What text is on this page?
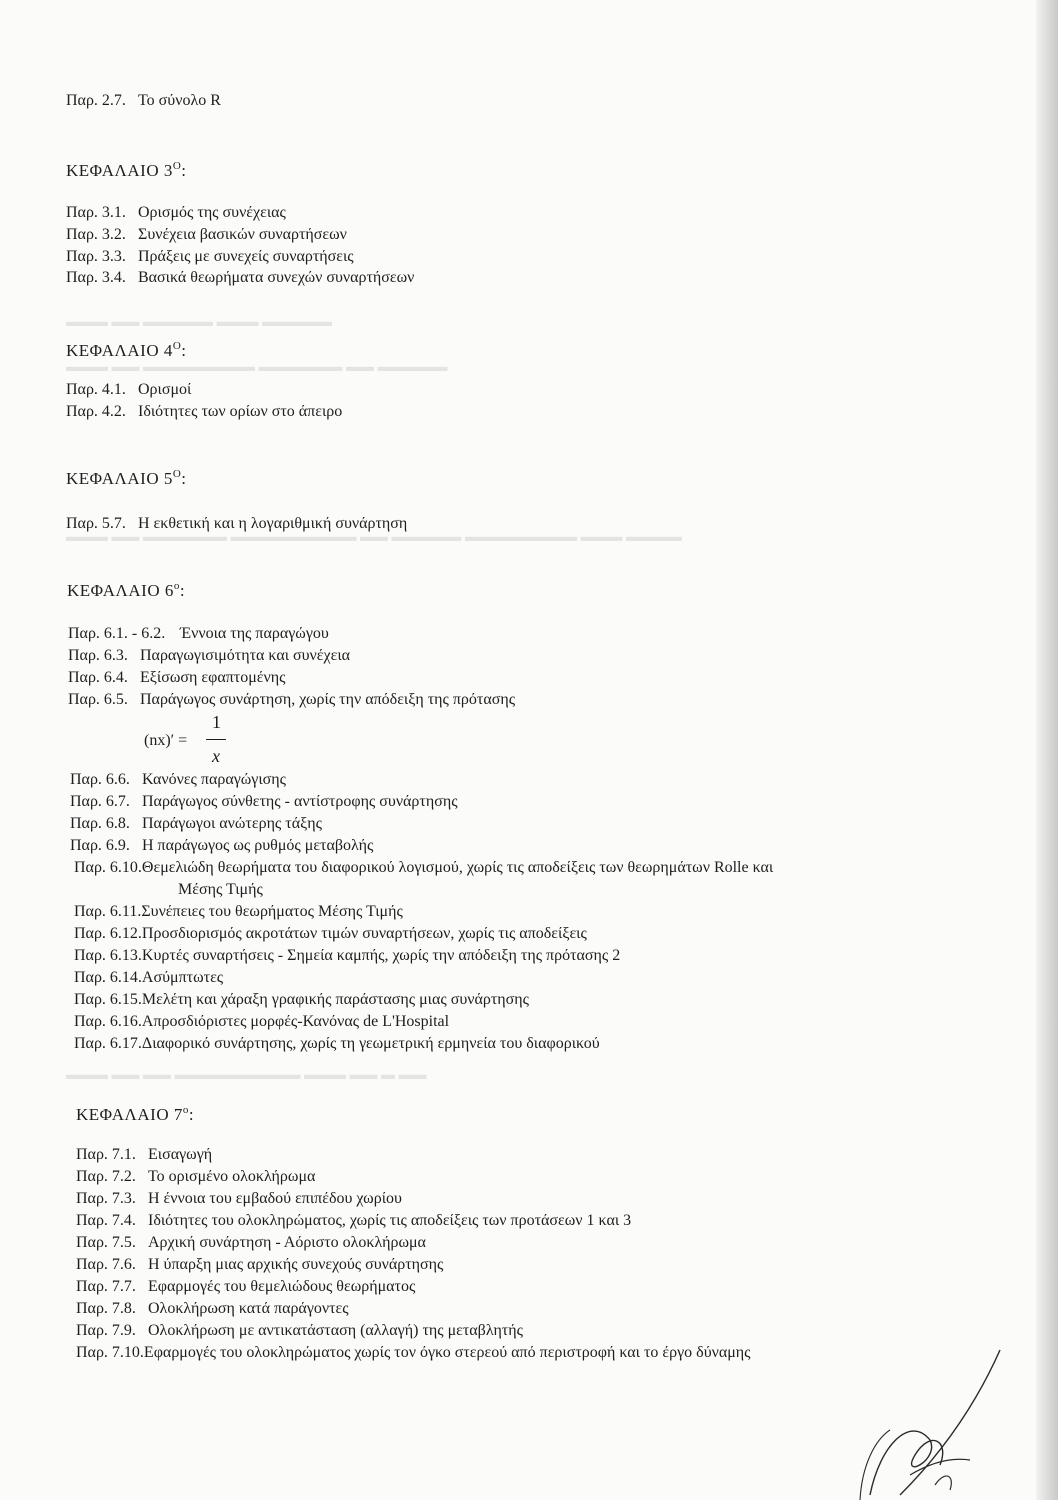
▬▬▬ ▬▬ ▬▬▬▬▬ ▬▬▬ ▬▬▬▬▬
▬▬▬ ▬▬ ▬▬▬▬▬▬▬▬ ▬▬▬▬▬▬ ▬▬ ▬▬▬▬▬
▬▬▬ ▬▬ ▬▬▬▬▬▬ ▬▬▬▬▬▬▬▬▬ ▬▬ ▬▬▬▬▬ ▬▬▬▬▬▬▬▬ ▬▬▬ ▬▬▬▬
▬▬▬ ▬▬ ▬▬ ▬▬▬▬▬▬▬▬▬ ▬▬▬ ▬▬ ▬ ▬▬
Παρ. 2.7. Το σύνολο R
ΚΕΦΑΛΑΙΟ $3^O$:
Παρ. 3.1. Ορισμός της συνέχειας
Παρ. 3.2. Συνέχεια βασικών συναρτήσεων
Παρ. 3.3. Πράξεις με συνεχείς συναρτήσεις
Παρ. 3.4. Βασικά θεωρήματα συνεχών συναρτήσεων
ΚΕΦΑΛΑΙΟ $4^O$:
Παρ. 4.1. Ορισμοί
Παρ. 4.2. Ιδιότητες των ορίων στο άπειρο
ΚΕΦΑΛΑΙΟ $5^O$:
Παρ. 5.7. Η εκθετική και η λογαριθμική συνάρτηση
ΚΕΦΑΛΑΙΟ $6^o$:
Παρ. 6.1. - 6.2. Έννοια της παραγώγου
Παρ. 6.3. Παραγωγισιμότητα και συνέχεια
Παρ. 6.4. Εξίσωση εφαπτομένης
Παρ. 6.5. Παράγωγος συνάρτηση, χωρίς την απόδειξη της πρότασης
Παρ. 6.6. Κανόνες παραγώγισης
Παρ. 6.7. Παράγωγος σύνθετης - αντίστροφης συνάρτησης
Παρ. 6.8. Παράγωγοι ανώτερης τάξης
Παρ. 6.9. Η παράγωγος ως ρυθμός μεταβολής
Παρ. 6.10.Θεμελιώδη θεωρήματα του διαφορικού λογισμού, χωρίς τις αποδείξεις των θεωρημάτων Rolle και
Μέσης Τιμής
Παρ. 6.11.Συνέπειες του θεωρήματος Μέσης Τιμής
Παρ. 6.12.Προσδιορισμός ακροτάτων τιμών συναρτήσεων, χωρίς τις αποδείξεις
Παρ. 6.13.Κυρτές συναρτήσεις - Σημεία καμπής, χωρίς την απόδειξη της πρότασης 2
Παρ. 6.14.Ασύμπτωτες
Παρ. 6.15.Μελέτη και χάραξη γραφικής παράστασης μιας συνάρτησης
Παρ. 6.16.Απροσδιόριστες μορφές-Κανόνας de L'Hospital
Παρ. 6.17.Διαφορικό συνάρτησης, χωρίς τη γεωμετρική ερμηνεία του διαφορικού
ΚΕΦΑΛΑΙΟ $7^o$:
Παρ. 7.1. Εισαγωγή
Παρ. 7.2. Το ορισμένο ολοκλήρωμα
Παρ. 7.3. Η έννοια του εμβαδού επιπέδου χωρίου
Παρ. 7.4. Ιδιότητες του ολοκληρώματος, χωρίς τις αποδείξεις των προτάσεων 1 και 3
Παρ. 7.5. Αρχική συνάρτηση - Αόριστο ολοκλήρωμα
Παρ. 7.6. Η ύπαρξη μιας αρχικής συνεχούς συνάρτησης
Παρ. 7.7. Εφαρμογές του θεμελιώδους θεωρήματος
Παρ. 7.8. Ολοκλήρωση κατά παράγοντες
Παρ. 7.9. Ολοκλήρωση με αντικατάσταση (αλλαγή) της μεταβλητής
Παρ. 7.10.Εφαρμογές του ολοκληρώματος χωρίς τον όγκο στερεού από περιστροφή και το έργο δύναμης
(nx)′ =
1
x
